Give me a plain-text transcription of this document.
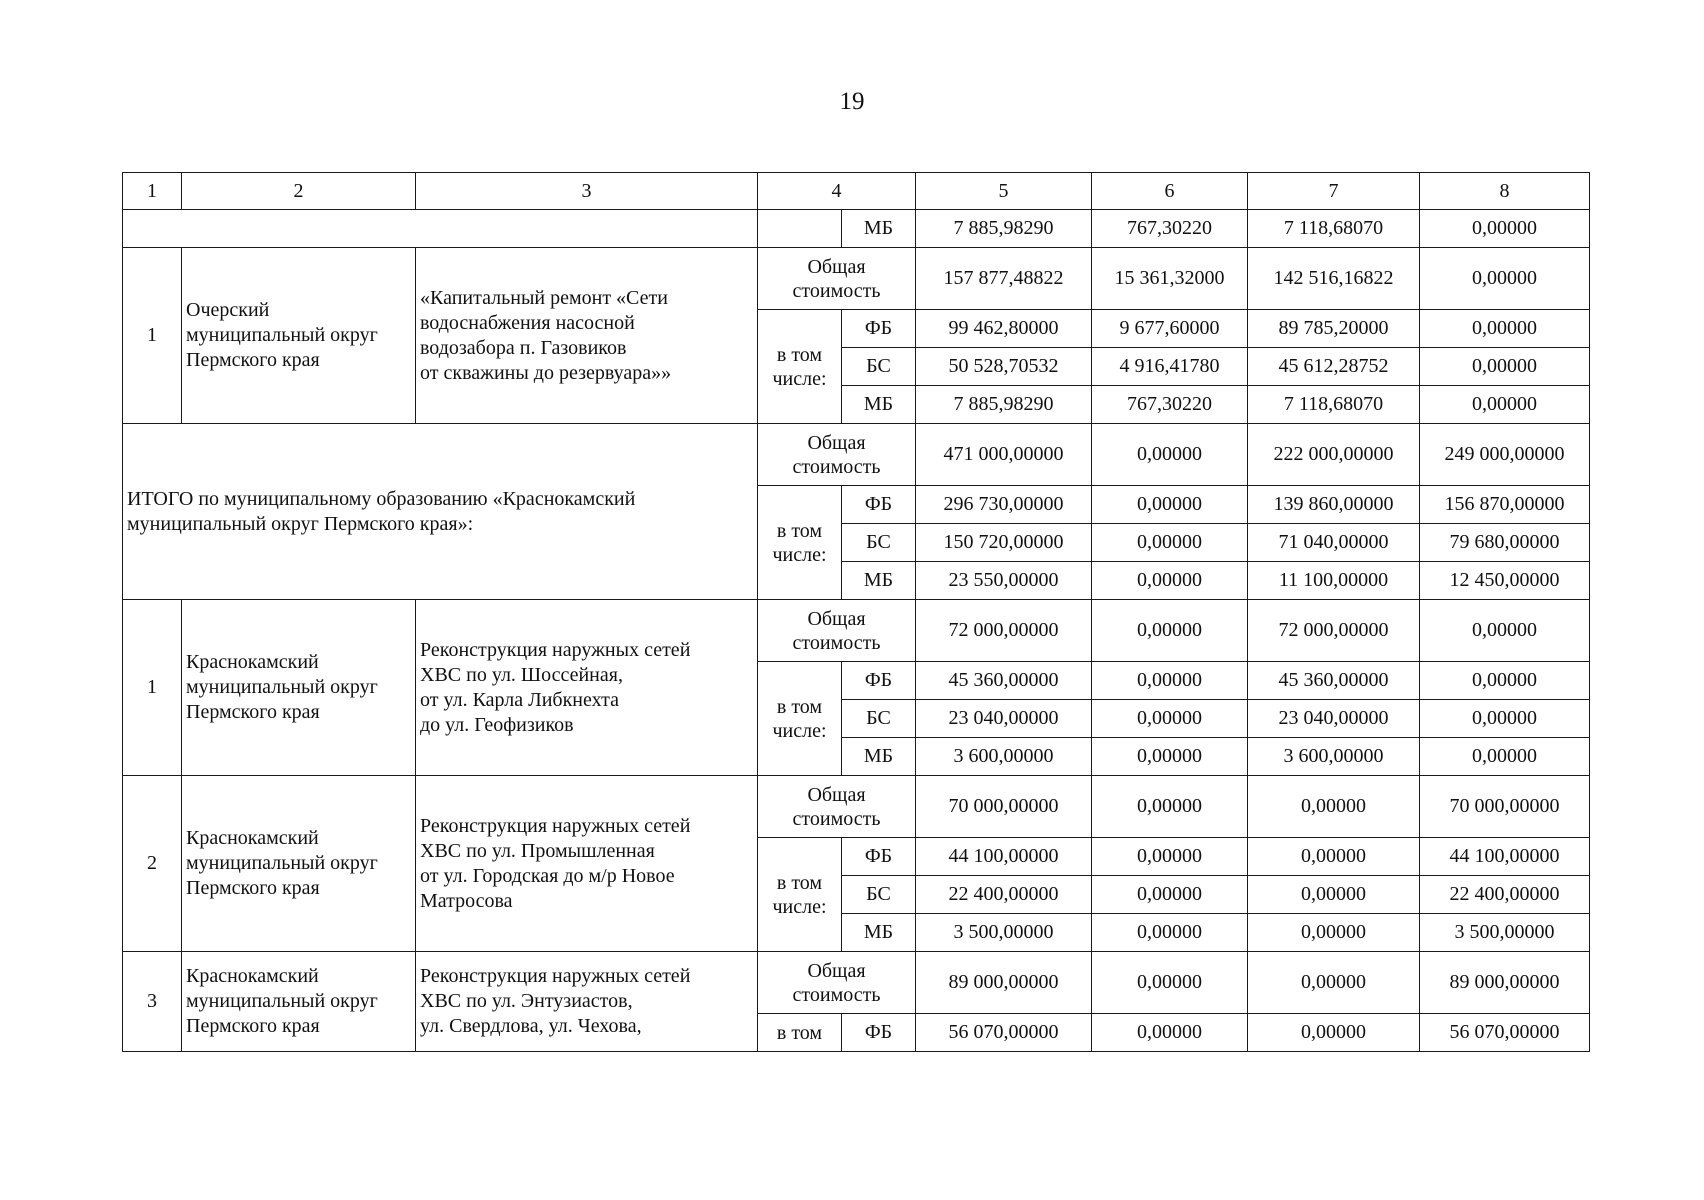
19
1	2	3	4		5	6	7	8
				МБ	7 885,98290	767,30220	7 118,68070	0,00000
1	Очерский
муниципальный округ
Пермского края	«Капитальный ремонт «Сети
водоснабжения насосной
водозабора п. Газовиков
от скважины до резервуара»»	Общая
стоимость		157 877,48822	15 361,32000	142 516,16822	0,00000
			в том
числе:	ФБ	99 462,80000	9 677,60000	89 785,20000	0,00000
				БС	50 528,70532	4 916,41780	45 612,28752	0,00000
				МБ	7 885,98290	767,30220	7 118,68070	0,00000
ИТОГО по муниципальному образованию «Краснокамский муниципальный округ Пермского края»:			Общая
стоимость		471 000,00000	0,00000	222 000,00000	249 000,00000
			в том
числе:	ФБ	296 730,00000	0,00000	139 860,00000	156 870,00000
				БС	150 720,00000	0,00000	71 040,00000	79 680,00000
				МБ	23 550,00000	0,00000	11 100,00000	12 450,00000
1	Краснокамский
муниципальный округ
Пермского края	Реконструкция наружных сетей
ХВС по ул. Шоссейная,
от ул. Карла Либкнехта
до ул. Геофизиков	Общая
стоимость		72 000,00000	0,00000	72 000,00000	0,00000
			в том
числе:	ФБ	45 360,00000	0,00000	45 360,00000	0,00000
				БС	23 040,00000	0,00000	23 040,00000	0,00000
				МБ	3 600,00000	0,00000	3 600,00000	0,00000
2	Краснокамский
муниципальный округ
Пермского края	Реконструкция наружных сетей
ХВС по ул. Промышленная
от ул. Городская до м/р Новое
Матросова	Общая
стоимость		70 000,00000	0,00000	0,00000	70 000,00000
			в том
числе:	ФБ	44 100,00000	0,00000	0,00000	44 100,00000
				БС	22 400,00000	0,00000	0,00000	22 400,00000
				МБ	3 500,00000	0,00000	0,00000	3 500,00000
3	Краснокамский
муниципальный округ
Пермского края	Реконструкция наружных сетей
ХВС по ул. Энтузиастов,
ул. Свердлова, ул. Чехова,	Общая
стоимость		89 000,00000	0,00000	0,00000	89 000,00000
			в том	ФБ	56 070,00000	0,00000	0,00000	56 070,00000
